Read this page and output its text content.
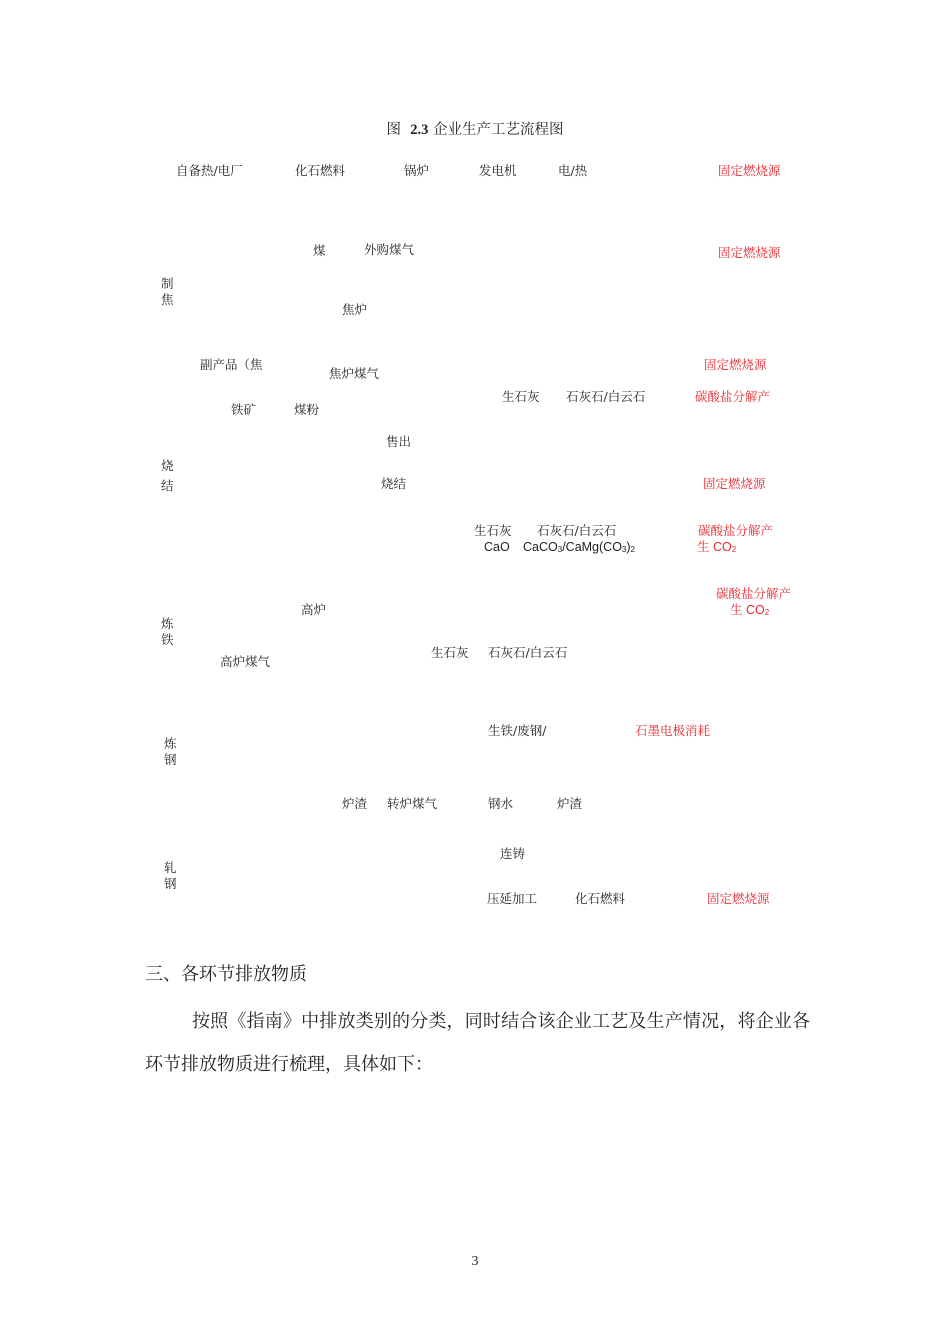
图 2.3 企业生产工艺流程图
自备热/电厂	化石燃料	锅炉	发电机	电/热	固定燃烧源
煤	外购煤气	固定燃烧源
制焦
焦炉
副产品（焦
焦炉煤气
固定燃烧源
生石灰 石灰石/白云石	碳酸盐分解产
铁矿	煤粉
售出
烧结	烧结	固定燃烧源
生石灰 石灰石/白云石	碳酸盐分解产
CaO $CaCO_3/CaMg(CO_3)_2$	生 $CO_2$
碳酸盐分解产
生 $CO_2$
高炉
炼铁
生石灰 石灰石/白云石
高炉煤气
生铁/废钢/	石墨电极消耗
炼钢
炉渣 转炉煤气	钢水	炉渣
连铸
轧钢
压延加工	化石燃料	固定燃烧源
三、各环节排放物质
按照《指南》中排放类别的分类，同时结合该企业工艺及生产情况，将企业各环节排放物质进行梳理，具体如下：
3
